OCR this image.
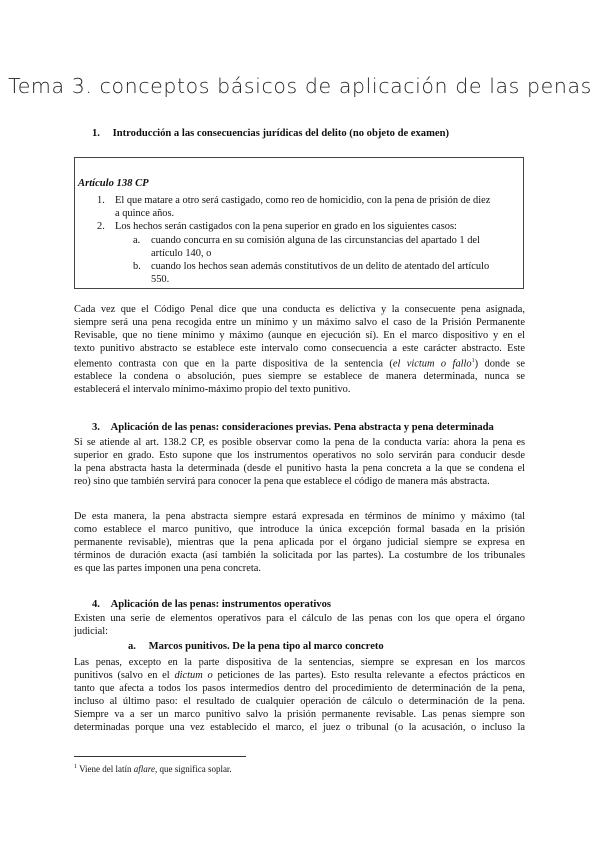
Tema 3. conceptos básicos de aplicación de las penas
1. Introducción a las consecuencias jurídicas del delito (no objeto de examen)
Artículo 138 CP
1. El que matare a otro será castigado, como reo de homicidio, con la pena de prisión de diez
a quince años.
2. Los hechos serán castigados con la pena superior en grado en los siguientes casos:
a. cuando concurra en su comisión alguna de las circunstancias del apartado 1 del
artículo 140, o
b. cuando los hechos sean además constitutivos de un delito de atentado del artículo
550.
Cada vez que el Código Penal dice que una conducta es delictiva y la consecuente pena asignada,
siempre será una pena recogida entre un mínimo y un máximo salvo el caso de la Prisión Permanente
Revisable, que no tiene mínimo y máximo (aunque en ejecución sí). En el marco dispositivo y en el
texto punitivo abstracto se establece este intervalo como consecuencia a este carácter abstracto. Este
elemento contrasta con que en la parte dispositiva de la sentencia (el victum o fallo$^1$) donde se
establece la condena o absolución, pues siempre se establece de manera determinada, nunca se
establecerá el intervalo mínimo-máximo propio del texto punitivo.
3. Aplicación de las penas: consideraciones previas. Pena abstracta y pena determinada
Si se atiende al art. 138.2 CP, es posible observar como la pena de la conducta varía: ahora la pena es
superior en grado. Esto supone que los instrumentos operativos no solo servirán para conducir desde
la pena abstracta hasta la determinada (desde el punitivo hasta la pena concreta a la que se condena el
reo) sino que también servirá para conocer la pena que establece el código de manera más abstracta.
De esta manera, la pena abstracta siempre estará expresada en términos de mínimo y máximo (tal
como establece el marco punitivo, que introduce la única excepción formal basada en la prisión
permanente revisable), mientras que la pena aplicada por el órgano judicial siempre se expresa en
términos de duración exacta (así también la solicitada por las partes). La costumbre de los tribunales
es que las partes imponen una pena concreta.
4. Aplicación de las penas: instrumentos operativos
Existen una serie de elementos operativos para el cálculo de las penas con los que opera el órgano
judicial:
a. Marcos punitivos. De la pena tipo al marco concreto
Las penas, excepto en la parte dispositiva de la sentencias, siempre se expresan en los marcos
punitivos (salvo en el dictum o peticiones de las partes). Esto resulta relevante a efectos prácticos en
tanto que afecta a todos los pasos intermedios dentro del procedimiento de determinación de la pena,
incluso al último paso: el resultado de cualquier operación de cálculo o determinación de la pena.
Siempre va a ser un marco punitivo salvo la prisión permanente revisable. Las penas siempre son
determinadas porque una vez establecido el marco, el juez o tribunal (o la acusación, o incluso la
$^1$ Viene del latín aflare, que significa soplar.
